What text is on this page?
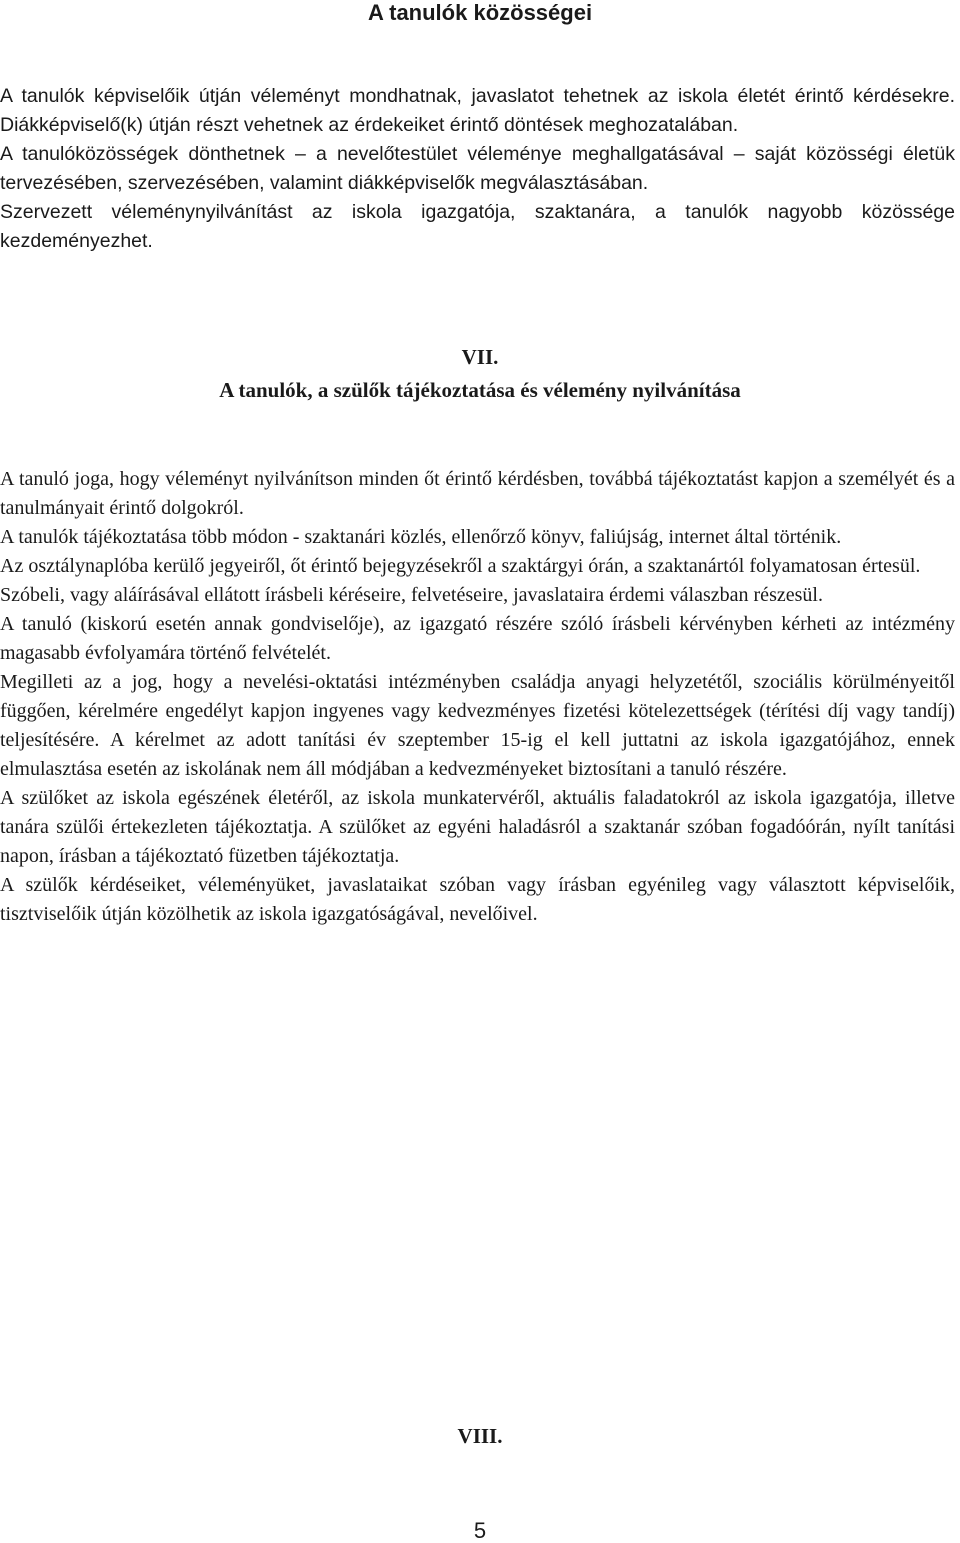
A tanulók közösségei

A tanulók képviselőik útján véleményt mondhatnak, javaslatot tehetnek az iskola életét érintő kérdésekre. Diákképviselő(k) útján részt vehetnek az érdekeiket érintő döntések meghozatalában.

A tanulóközösségek dönthetnek – a nevelőtestület véleménye meghallgatásával – saját közösségi életük tervezésében, szervezésében, valamint diákképviselők megválasztásában.

Szervezett véleménynyilvánítást az iskola igazgatója, szaktanára, a tanulók nagyobb közössége kezdeményezhet.

VII.
A tanulók, a szülők tájékoztatása és vélemény nyilvánítása

A tanuló joga, hogy véleményt nyilvánítson minden őt érintő kérdésben, továbbá tájékoztatást kapjon a személyét és a tanulmányait érintő dolgokról.

A tanulók tájékoztatása több módon - szaktanári közlés, ellenőrző könyv, faliújság, internet által történik.

Az osztálynaplóba kerülő jegyeiről, őt érintő bejegyzésekről a szaktárgyi órán, a szaktanártól folyamatosan értesül.

Szóbeli, vagy aláírásával ellátott írásbeli kéréseire, felvetéseire, javaslataira érdemi válaszban részesül.

A tanuló (kiskorú esetén annak gondviselője), az igazgató részére szóló írásbeli kérvényben kérheti az intézmény magasabb évfolyamára történő felvételét.

Megilleti az a jog, hogy a nevelési-oktatási intézményben családja anyagi helyzetétől, szociális körülményeitől függően, kérelmére engedélyt kapjon ingyenes vagy kedvezményes fizetési kötelezettségek (térítési díj vagy tandíj) teljesítésére. A kérelmet az adott tanítási év szeptember 15-ig el kell juttatni az iskola igazgatójához, ennek elmulasztása esetén az iskolának nem áll módjában a kedvezményeket biztosítani a tanuló részére.

A szülőket az iskola egészének életéről, az iskola munkatervéről, aktuális faladatokról az iskola igazgatója, illetve tanára szülői értekezleten tájékoztatja. A szülőket az egyéni haladásról a szaktanár szóban fogadóórán, nyílt tanítási napon, írásban a tájékoztató füzetben tájékoztatja.

A szülők kérdéseiket, véleményüket, javaslataikat szóban vagy írásban egyénileg vagy választott képviselőik, tisztviselőik útján közölhetik az iskola igazgatóságával, nevelőivel.

VIII.
5
